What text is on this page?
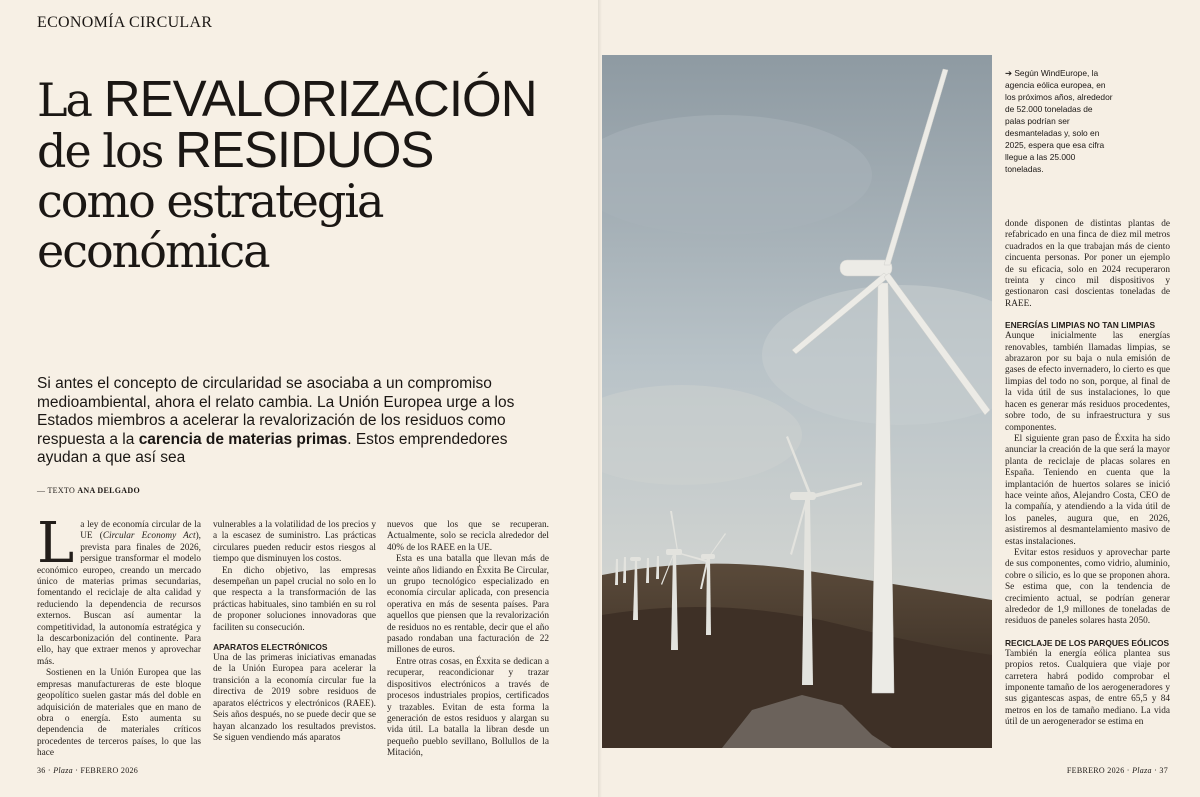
ECONOMÍA CIRCULAR
La REVALORIZACIÓN
de los RESIDUOS
como estrategia
económica

Si antes el concepto de circularidad se asociaba a un compromiso medioambiental, ahora el relato cambia. La Unión Europea urge a los Estados miembros a acelerar la revalorización de los residuos como respuesta a la carencia de materias primas. Estos emprendedores ayudan a que así sea

— TEXTO ANA DELGADO

La ley de economía circular de la UE (Circular Economy Act), prevista para finales de 2026, persigue transformar el modelo económico europeo, creando un mercado único de materias primas secundarias, fomentando el reciclaje de alta calidad y reduciendo la dependencia de recursos externos. Buscan así aumentar la competitividad, la autonomía estratégica y la descarbonización del continente. Para ello, hay que extraer menos y aprovechar más.

Sostienen en la Unión Europea que las empresas manufactureras de este bloque geopolítico suelen gastar más del doble en adquisición de materiales que en mano de obra o energía. Esto aumenta su dependencia de materiales críticos procedentes de terceros países, lo que las hace

vulnerables a la volatilidad de los precios y a la escasez de suministro. Las prácticas circulares pueden reducir estos riesgos al tiempo que disminuyen los costos.

En dicho objetivo, las empresas desempeñan un papel crucial no solo en lo que respecta a la transformación de las prácticas habituales, sino también en su rol de proponer soluciones innovadoras que faciliten su consecución.

APARATOS ELECTRÓNICOS

Una de las primeras iniciativas emanadas de la Unión Europea para acelerar la transición a la economía circular fue la directiva de 2019 sobre residuos de aparatos eléctricos y electrónicos (RAEE). Seis años después, no se puede decir que se hayan alcanzado los resultados previstos. Se siguen vendiendo más aparatos

nuevos que los que se recuperan. Actualmente, solo se recicla alrededor del 40% de los RAEE en la UE.

Esta es una batalla que llevan más de veinte años lidiando en Éxxita Be Circular, un grupo tecnológico especializado en economía circular aplicada, con presencia operativa en más de sesenta países. Para aquellos que piensen que la revalorización de residuos no es rentable, decir que el año pasado rondaban una facturación de 22 millones de euros.

Entre otras cosas, en Éxxita se dedican a recuperar, reacondicionar y trazar dispositivos electrónicos a través de procesos industriales propios, certificados y trazables. Evitan de esta forma la generación de estos residuos y alargan su vida útil. La batalla la libran desde un pequeño pueblo sevillano, Bollullos de la Mitación,

36 · Plaza · FEBRERO 2026
➔ Según WindEurope, la agencia eólica europea, en los próximos años, alrededor de 52.000 toneladas de palas podrían ser desmanteladas y, solo en 2025, espera que esa cifra llegue a las 25.000 toneladas.

donde disponen de distintas plantas de refabricado en una finca de diez mil metros cuadrados en la que trabajan más de ciento cincuenta personas. Por poner un ejemplo de su eficacia, solo en 2024 recuperaron treinta y cinco mil dispositivos y gestionaron casi doscientas toneladas de RAEE.

ENERGÍAS LIMPIAS NO TAN LIMPIAS

Aunque inicialmente las energías renovables, también llamadas limpias, se abrazaron por su baja o nula emisión de gases de efecto invernadero, lo cierto es que limpias del todo no son, porque, al final de la vida útil de sus instalaciones, lo que hacen es generar más residuos procedentes, sobre todo, de su infraestructura y sus componentes.

El siguiente gran paso de Éxxita ha sido anunciar la creación de la que será la mayor planta de reciclaje de placas solares en España. Teniendo en cuenta que la implantación de huertos solares se inició hace veinte años, Alejandro Costa, CEO de la compañía, y atendiendo a la vida útil de los paneles, augura que, en 2026, asistiremos al desmantelamiento masivo de estas instalaciones.

Evitar estos residuos y aprovechar parte de sus componentes, como vidrio, aluminio, cobre o silicio, es lo que se proponen ahora. Se estima que, con la tendencia de crecimiento actual, se podrían generar alrededor de 1,9 millones de toneladas de residuos de paneles solares hasta 2050.

RECICLAJE DE LOS PARQUES EÓLICOS

También la energía eólica plantea sus propios retos. Cualquiera que viaje por carretera habrá podido comprobar el imponente tamaño de los aerogeneradores y sus gigantescas aspas, de entre 65,5 y 84 metros en los de tamaño mediano. La vida útil de un aerogenerador se estima en

FEBRERO 2026 · Plaza · 37
